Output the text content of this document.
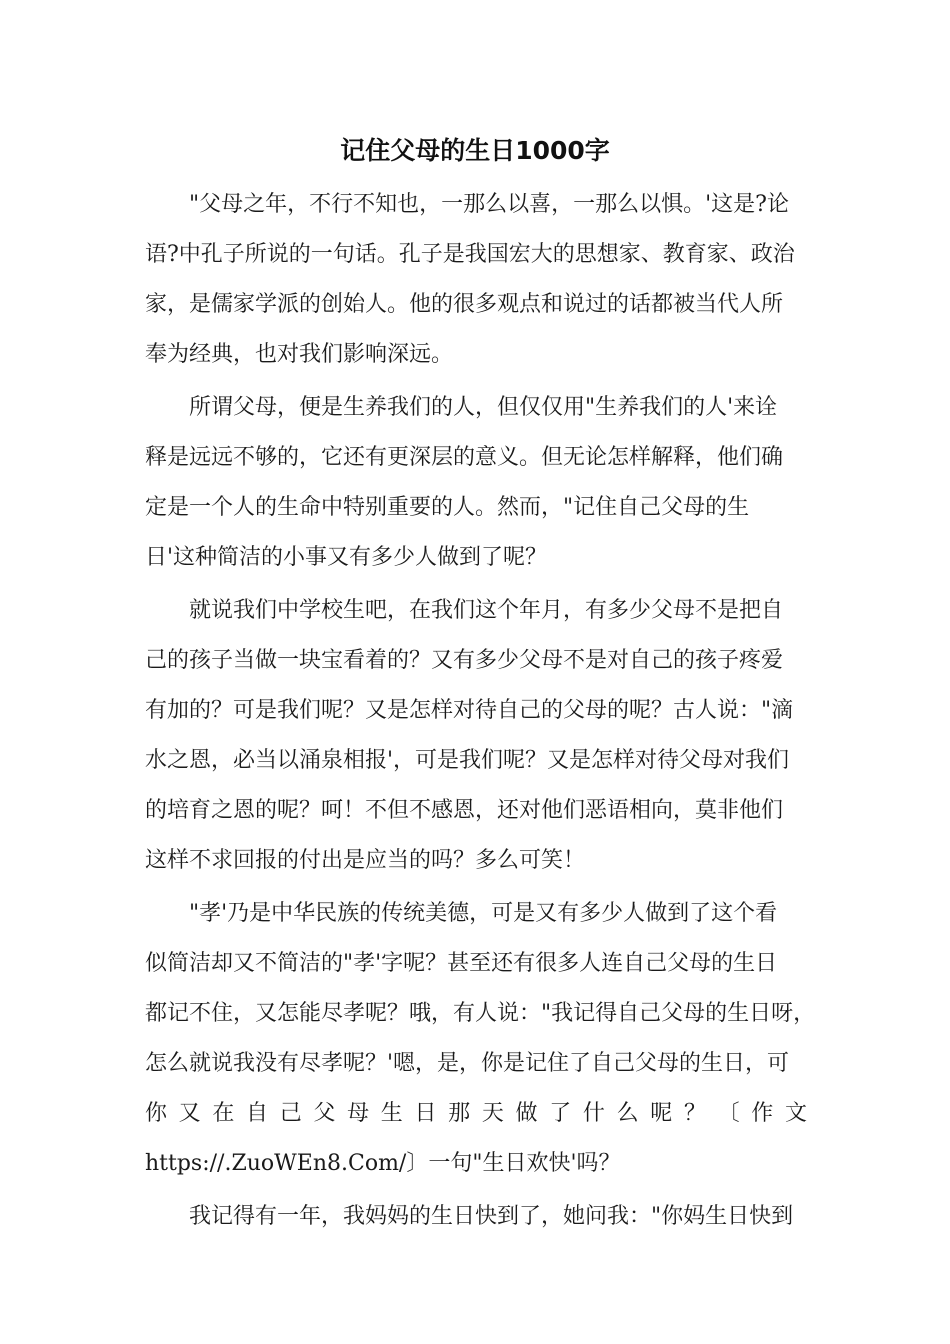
记住父母的生日1000字
"父母之年，不行不知也，一那么以喜，一那么以惧。'这是?论
语?中孔子所说的一句话。孔子是我国宏大的思想家、教育家、政治
家，是儒家学派的创始人。他的很多观点和说过的话都被当代人所
奉为经典，也对我们影响深远。
所谓父母，便是生养我们的人，但仅仅用"生养我们的人'来诠
释是远远不够的，它还有更深层的意义。但无论怎样解释，他们确
定是一个人的生命中特别重要的人。然而，"记住自己父母的生
日'这种简洁的小事又有多少人做到了呢？
就说我们中学校生吧，在我们这个年月，有多少父母不是把自
己的孩子当做一块宝看着的？又有多少父母不是对自己的孩子疼爱
有加的？可是我们呢？又是怎样对待自己的父母的呢？古人说："滴
水之恩，必当以涌泉相报'，可是我们呢？又是怎样对待父母对我们
的培育之恩的呢？呵！不但不感恩，还对他们恶语相向，莫非他们
这样不求回报的付出是应当的吗？多么可笑！
"孝'乃是中华民族的传统美德，可是又有多少人做到了这个看
似简洁却又不简洁的"孝'字呢？甚至还有很多人连自己父母的生日
都记不住，又怎能尽孝呢？哦，有人说："我记得自己父母的生日呀，
怎么就说我没有尽孝呢？'嗯，是，你是记住了自己父母的生日，可
你 又 在 自 己 父 母 生 日 那 天 做 了 什 么 呢 ？ 〔 作 文
https://.ZuoWEn8.Com/〕一句"生日欢快'吗？
我记得有一年，我妈妈的生日快到了，她问我："你妈生日快到
